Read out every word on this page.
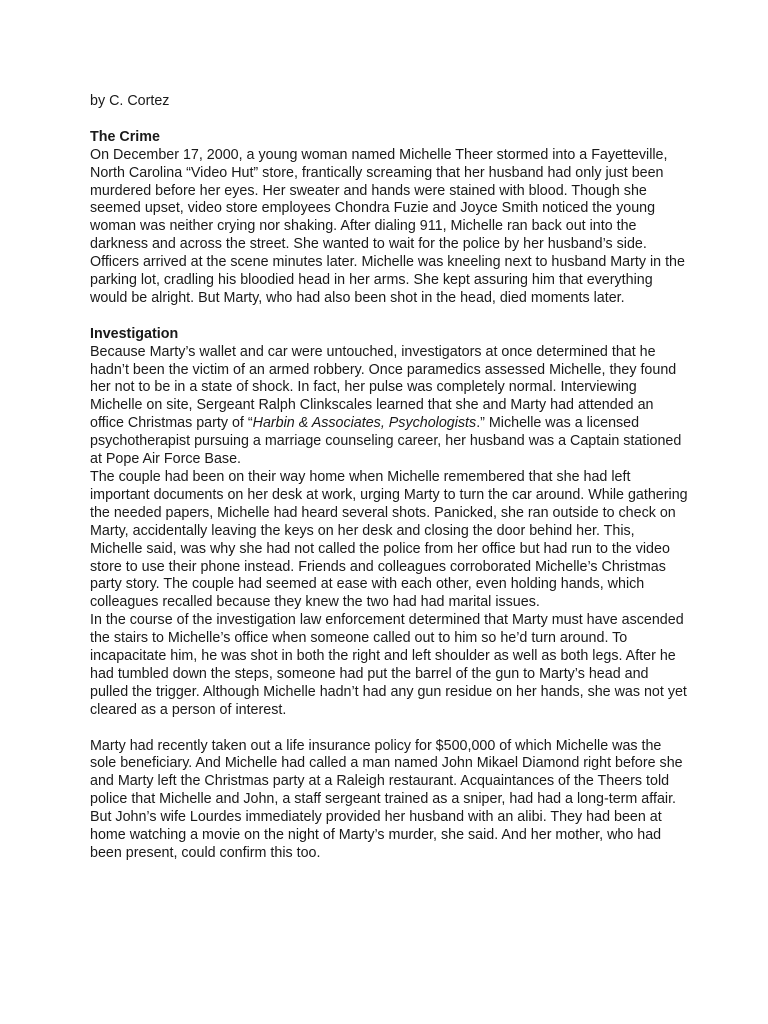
by C. Cortez

The Crime

On December 17, 2000, a young woman named Michelle Theer stormed into a Fayetteville, North Carolina “Video Hut” store, frantically screaming that her husband had only just been murdered before her eyes. Her sweater and hands were stained with blood. Though she seemed upset, video store employees Chondra Fuzie and Joyce Smith noticed the young woman was neither crying nor shaking. After dialing 911, Michelle ran back out into the darkness and across the street. She wanted to wait for the police by her husband’s side.

Officers arrived at the scene minutes later. Michelle was kneeling next to husband Marty in the parking lot, cradling his bloodied head in her arms. She kept assuring him that everything would be alright. But Marty, who had also been shot in the head, died moments later.

Investigation

Because Marty’s wallet and car were untouched, investigators at once determined that he hadn’t been the victim of an armed robbery. Once paramedics assessed Michelle, they found her not to be in a state of shock. In fact, her pulse was completely normal. Interviewing Michelle on site, Sergeant Ralph Clinkscales learned that she and Marty had attended an office Christmas party of “Harbin & Associates, Psychologists.” Michelle was a licensed psychotherapist pursuing a marriage counseling career, her husband was a Captain stationed at Pope Air Force Base.

The couple had been on their way home when Michelle remembered that she had left important documents on her desk at work, urging Marty to turn the car around. While gathering the needed papers, Michelle had heard several shots. Panicked, she ran outside to check on Marty, accidentally leaving the keys on her desk and closing the door behind her. This, Michelle said, was why she had not called the police from her office but had run to the video store to use their phone instead. Friends and colleagues corroborated Michelle’s Christmas party story. The couple had seemed at ease with each other, even holding hands, which colleagues recalled because they knew the two had had marital issues.

In the course of the investigation law enforcement determined that Marty must have ascended the stairs to Michelle’s office when someone called out to him so he’d turn around. To incapacitate him, he was shot in both the right and left shoulder as well as both legs. After he had tumbled down the steps, someone had put the barrel of the gun to Marty’s head and pulled the trigger. Although Michelle hadn’t had any gun residue on her hands, she was not yet cleared as a person of interest.

Marty had recently taken out a life insurance policy for $500,000 of which Michelle was the sole beneficiary. And Michelle had called a man named John Mikael Diamond right before she and Marty left the Christmas party at a Raleigh restaurant. Acquaintances of the Theers told police that Michelle and John, a staff sergeant trained as a sniper, had had a long-term affair. But John’s wife Lourdes immediately provided her husband with an alibi. They had been at home watching a movie on the night of Marty’s murder, she said. And her mother, who had been present, could confirm this too.
